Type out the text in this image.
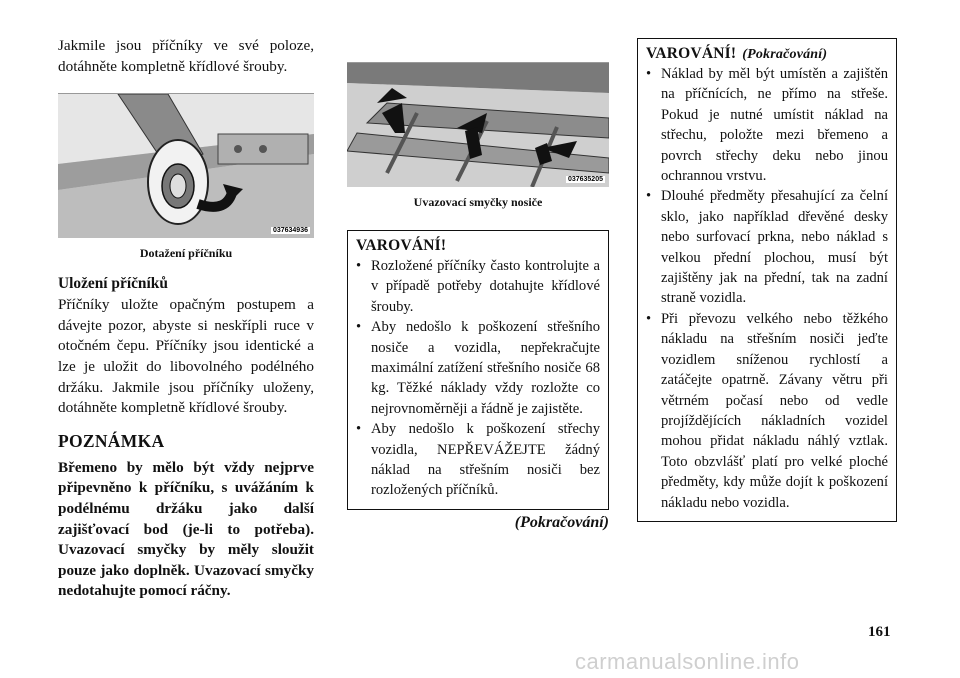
Jakmile jsou příčníky ve své poloze, dotáhněte kompletně křídlové šrouby.

037634936
Dotažení příčníku
Uložení příčníků

Příčníky uložte opačným postupem a dávejte pozor, abyste si neskřípli ruce v otočném čepu. Příčníky jsou identické a lze je uložit do libovolného podélného držáku. Jakmile jsou příčníky uloženy, dotáhněte kompletně křídlové šrouby.

POZNÁMKA

Břemeno by mělo být vždy nejprve připevněno k příčníku, s uvážáním k podélnému držáku jako další zajišťovací bod (je-li to potřeba). Uvazovací smyčky by měly sloužit pouze jako doplněk. Uvazovací smyčky nedotahujte pomocí ráčny.

037635205
Uvazovací smyčky nosiče
VAROVÁNÍ!
• Rozložené příčníky často kontrolujte a v případě potřeby dotahujte křídlové šrouby.
• Aby nedošlo k poškození střešního nosiče a vozidla, nepřekračujte maximální zatížení střešního nosiče 68 kg. Těžké náklady vždy rozložte co nejrovnoměrněji a řádně je zajistěte.
• Aby nedošlo k poškození střechy vozidla, NEPŘEVÁŽEJTE žádný náklad na střešním nosiči bez rozložených příčníků.
(Pokračování)
VAROVÁNÍ! (Pokračování)
• Náklad by měl být umístěn a zajištěn na příčnících, ne přímo na střeše. Pokud je nutné umístit náklad na střechu, položte mezi břemeno a povrch střechy deku nebo jinou ochrannou vrstvu.
• Dlouhé předměty přesahující za čelní sklo, jako například dřevěné desky nebo surfovací prkna, nebo náklad s velkou přední plochou, musí být zajištěny jak na přední, tak na zadní straně vozidla.
• Při převozu velkého nebo těžkého nákladu na střešním nosiči jeďte vozidlem sníženou rychlostí a zatáčejte opatrně. Závany větru při větrném počasí nebo od vedle projíždějících nákladních vozidel mohou přidat nákladu náhlý vztlak. Toto obzvlášť platí pro velké ploché předměty, kdy může dojít k poškození nákladu nebo vozidla.
161
carmanualsonline.info
